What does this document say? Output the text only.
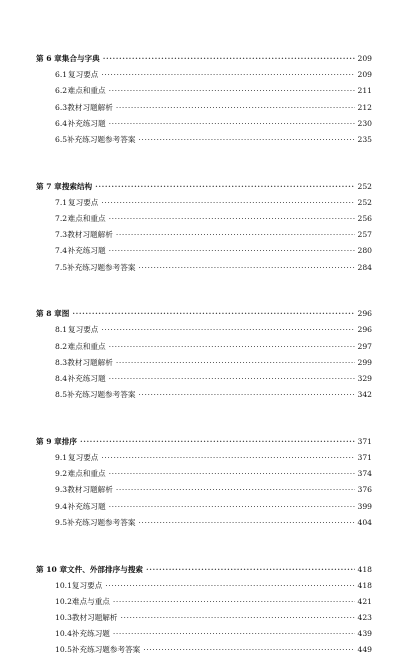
第 6 章 集合与字典 ·····	209
6.1 复习要点 ·····	209
6.2 难点和重点 ·····	211
6.3 教材习题解析 ·····	212
6.4 补充练习题 ·····	230
6.5 补充练习题参考答案 ·····	235
第 7 章 搜索结构 ·····	252
7.1 复习要点 ·····	252
7.2 难点和重点 ·····	256
7.3 教材习题解析 ·····	257
7.4 补充练习题 ·····	280
7.5 补充练习题参考答案 ·····	284
第 8 章 图 ·····	296
8.1 复习要点 ·····	296
8.2 难点和重点 ·····	297
8.3 教材习题解析 ·····	299
8.4 补充练习题 ·····	329
8.5 补充练习题参考答案 ·····	342
第 9 章 排序 ·····	371
9.1 复习要点 ·····	371
9.2 难点和重点 ·····	374
9.3 教材习题解析 ·····	376
9.4 补充练习题 ·····	399
9.5 补充练习题参考答案 ·····	404
第 10 章 文件、外部排序与搜索 ·····	418
10.1 复习要点 ·····	418
10.2 难点与重点 ·····	421
10.3 教材习题解析 ·····	423
10.4 补充练习题 ·····	439
10.5 补充练习题参考答案 ·····	449
